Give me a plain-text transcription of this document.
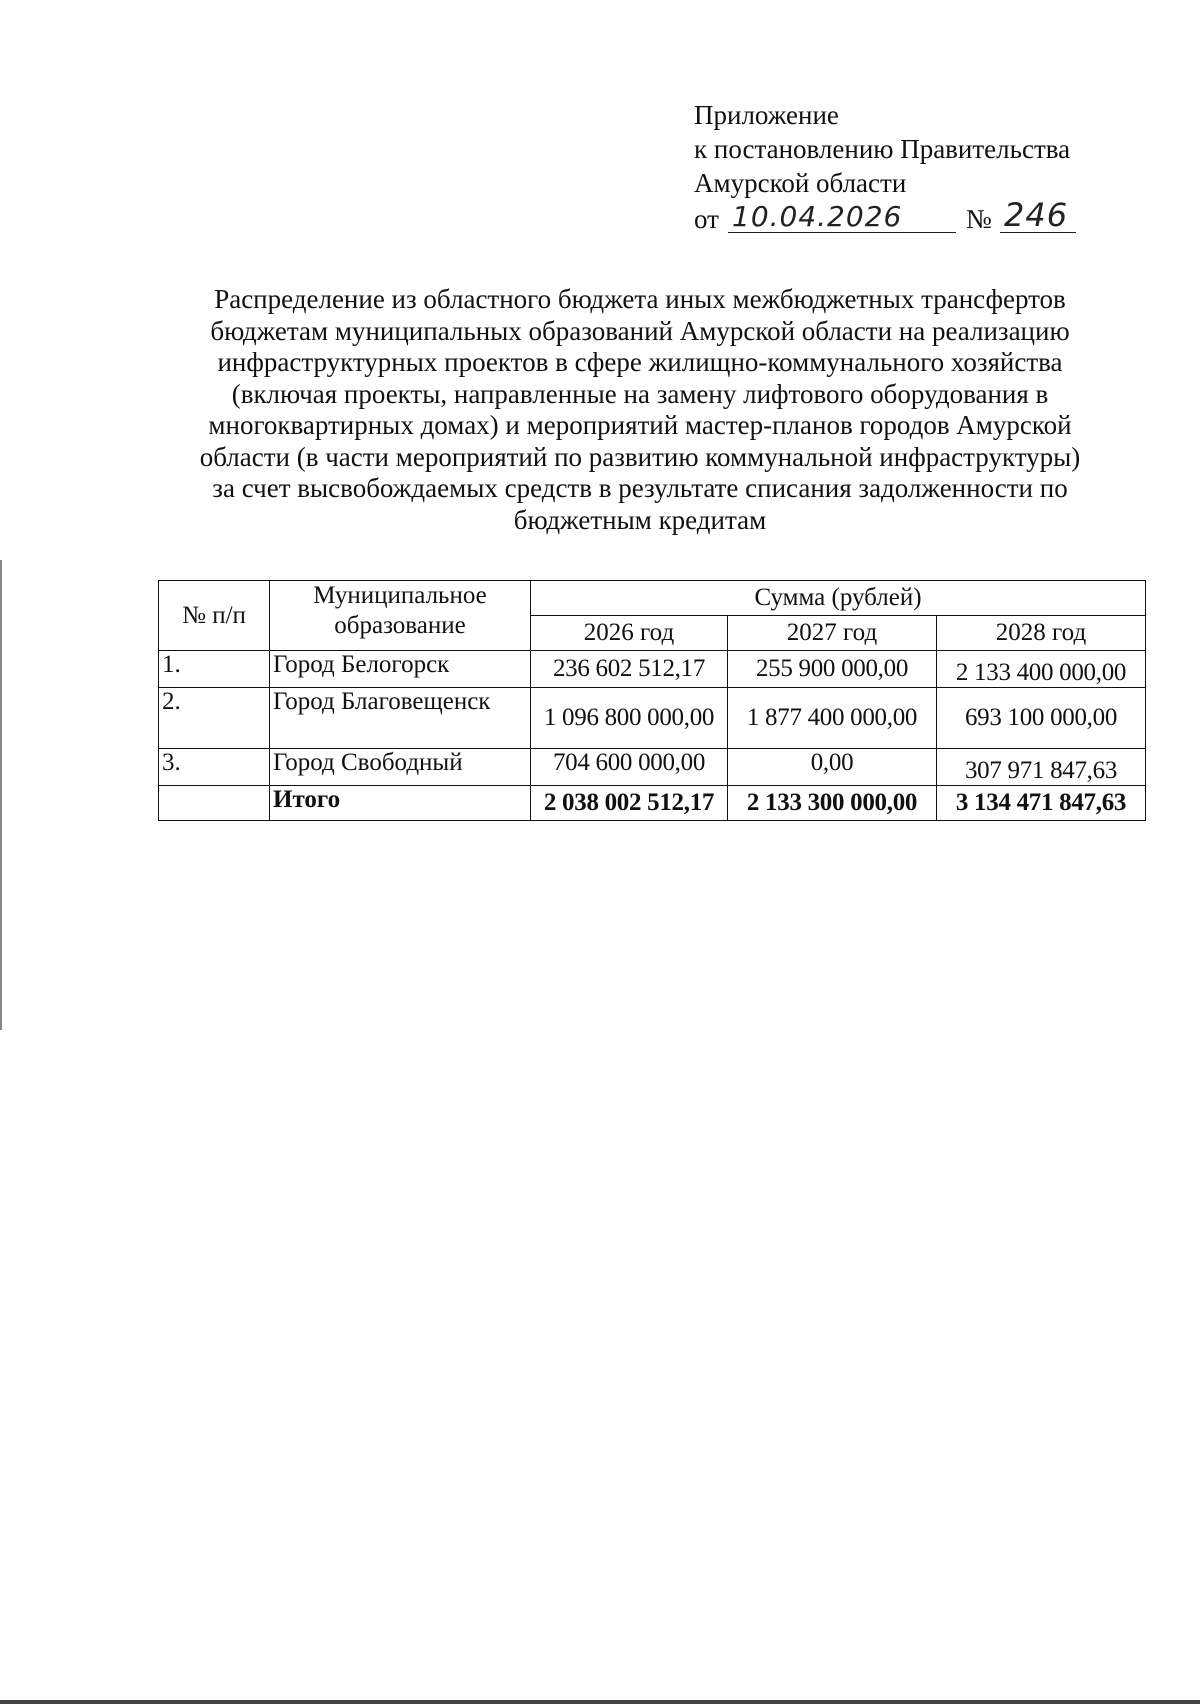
Приложение
к постановлению Правительства
Амурской области
от 10.04.2026 № 246
Распределение из областного бюджета иных межбюджетных трансфертов
бюджетам муниципальных образований Амурской области на реализацию
инфраструктурных проектов в сфере жилищно-коммунального хозяйства
(включая проекты, направленные на замену лифтового оборудования в
многоквартирных домах) и мероприятий мастер-планов городов Амурской
области (в части мероприятий по развитию коммунальной инфраструктуры)
за счет высвобождаемых средств в результате списания задолженности по
бюджетным кредитам
№ п/п	Муниципальное образование	Сумма (рублей)		
		2026 год	2027 год	2028 год
1.	Город Белогорск	236 602 512,17	255 900 000,00	2 133 400 000,00
2.	Город Благовещенск	1 096 800 000,00	1 877 400 000,00	693 100 000,00
3.	Город Свободный	704 600 000,00	0,00	307 971 847,63
	Итого	2 038 002 512,17	2 133 300 000,00	3 134 471 847,63
